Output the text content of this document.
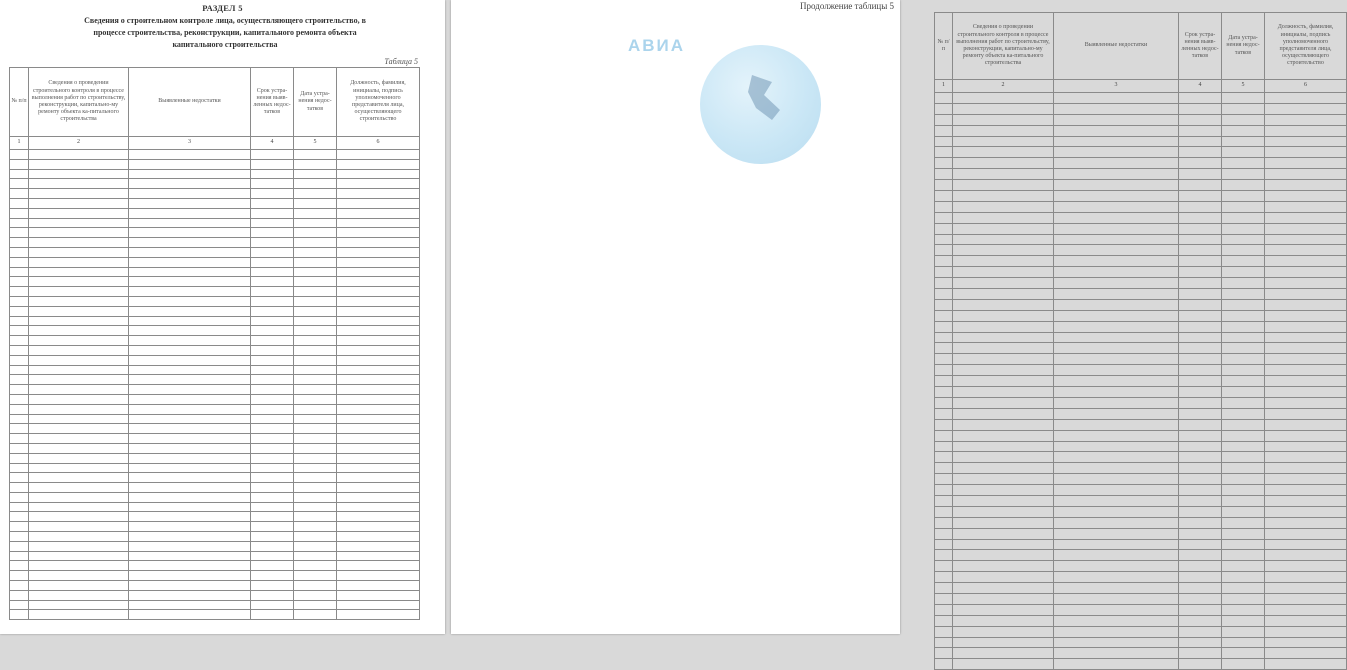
РАЗДЕЛ 5
Сведения о строительном контроле лица, осуществляющего строительство, в процессе строительства, реконструкции, капитального ремонта объекта капитального строительства
Таблица 5
№ п/п	Сведения о проведении строительного контроля в процессе выполнения работ по строительству, реконструкции, капитально-му ремонту объекта ка-питального строительства	Выявленные недостатки	Срок устра-нения выяв-ленных недос-татков	Дата устра-нения недос-татков	Должность, фамилия, инициалы, подпись уполномоченного представителя лица, осуществляющего строительство
1	2	3	4	5	6

Продолжение таблицы 5
№ п/п	Сведения о проведении строительного контроля в процессе выполнения работ по строительству, реконструкции, капитально-му ремонту объекта ка-питального строительства	Выявленные недостатки	Срок устра-нения выяв-ленных недос-татков	Дата устра-нения недос-татков	Должность, фамилия, инициалы, подпись уполномоченного представителя лица, осуществляющего строительство
1	2	3	4	5	6

АВИА
